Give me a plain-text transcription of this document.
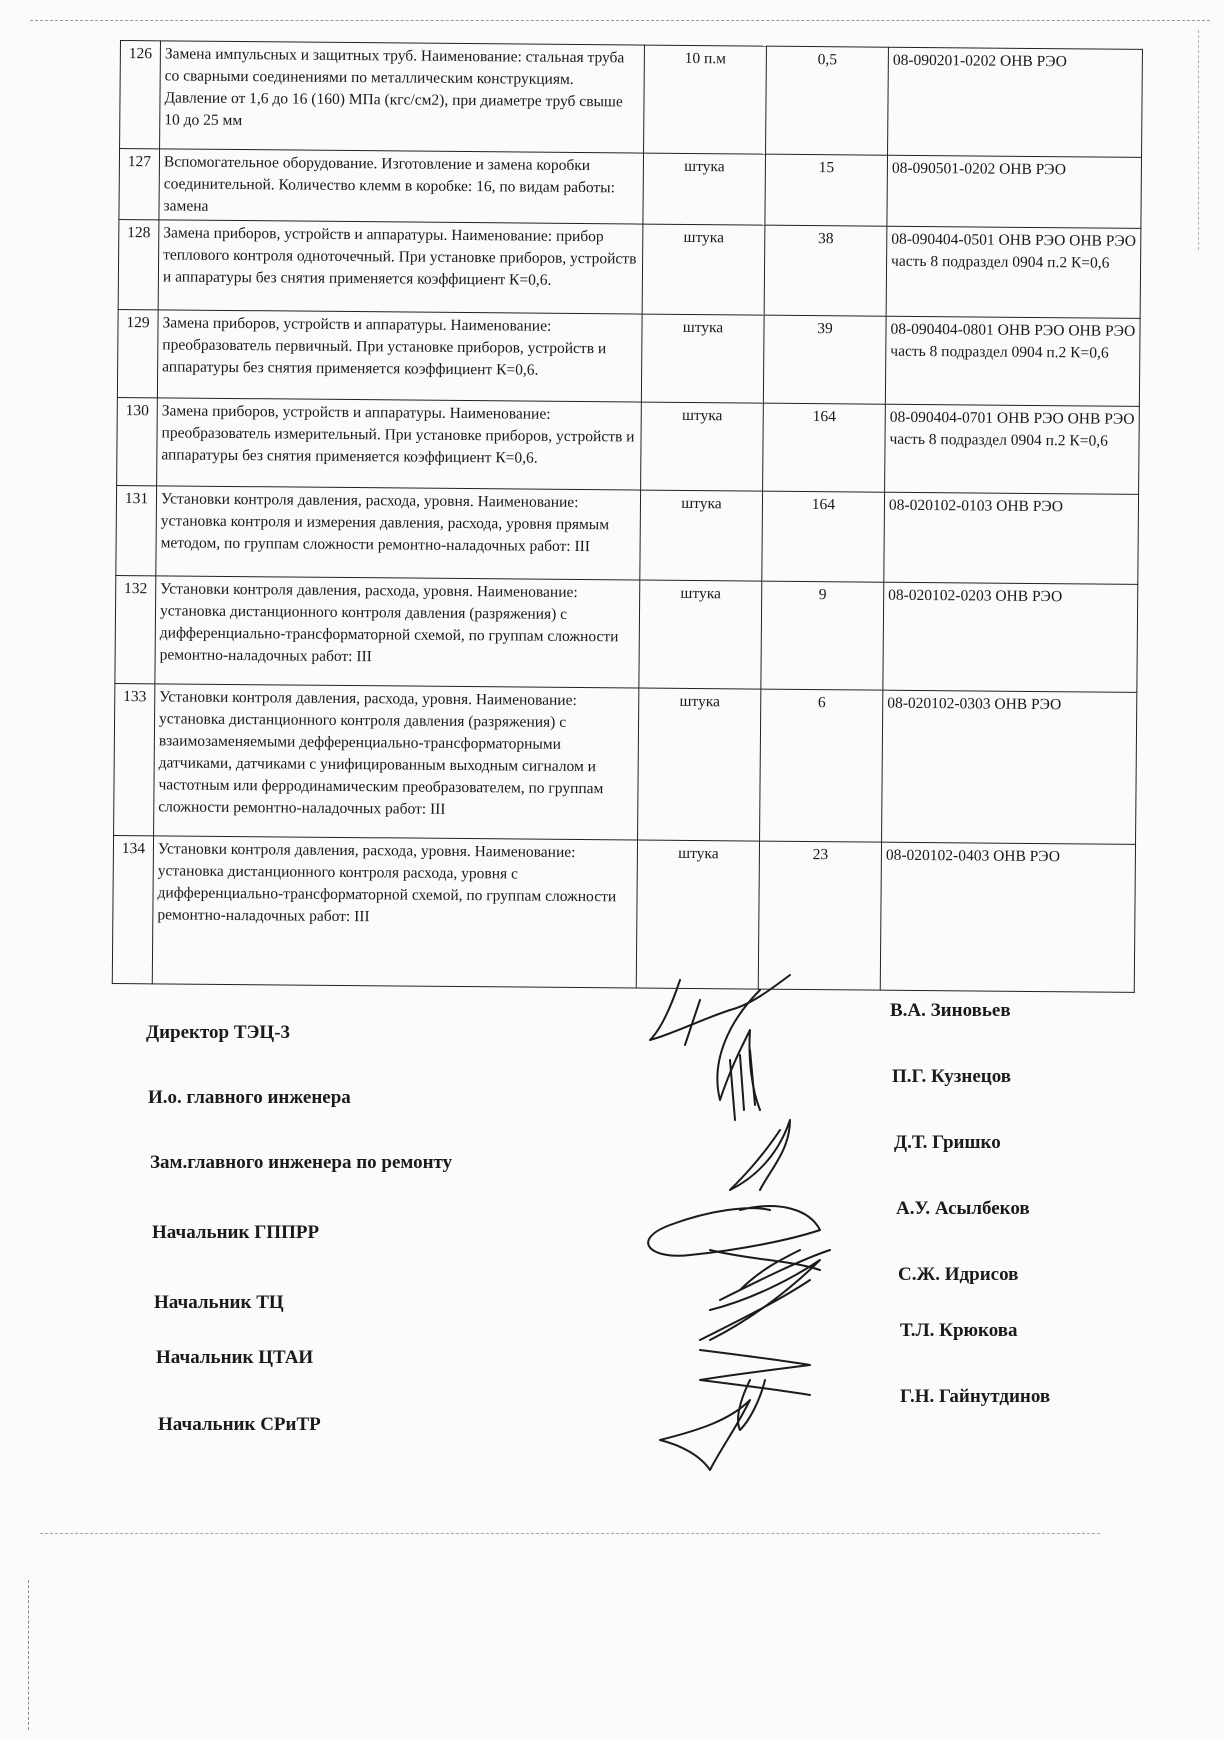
126	Замена импульсных и защитных труб. Наименование: стальная труба со сварными соединениями по металлическим конструкциям. Давление от 1,6 до 16 (160) МПа (кгс/см2), при диаметре труб свыше 10 до 25 мм	10 п.м	0,5	08-090201-0202 ОНВ РЭО
127	Вспомогательное оборудование. Изготовление и замена коробки соединительной. Количество клемм в коробке: 16, по видам работы: замена	штука	15	08-090501-0202 ОНВ РЭО
128	Замена приборов, устройств и аппаратуры. Наименование: прибор теплового контроля одноточечный. При установке приборов, устройств и аппаратуры без снятия применяется коэффициент К=0,6.	штука	38	08-090404-0501 ОНВ РЭО ОНВ РЭО часть 8 подраздел 0904 п.2 К=0,6
129	Замена приборов, устройств и аппаратуры. Наименование: преобразователь первичный. При установке приборов, устройств и аппаратуры без снятия применяется коэффициент К=0,6.	штука	39	08-090404-0801 ОНВ РЭО ОНВ РЭО часть 8 подраздел 0904 п.2 К=0,6
130	Замена приборов, устройств и аппаратуры. Наименование: преобразователь измерительный. При установке приборов, устройств и аппаратуры без снятия применяется коэффициент К=0,6.	штука	164	08-090404-0701 ОНВ РЭО ОНВ РЭО часть 8 подраздел 0904 п.2 К=0,6
131	Установки контроля давления, расхода, уровня. Наименование: установка контроля и измерения давления, расхода, уровня прямым методом, по группам сложности ремонтно-наладочных работ: III	штука	164	08-020102-0103 ОНВ РЭО
132	Установки контроля давления, расхода, уровня. Наименование: установка дистанционного контроля давления (разряжения) с дифференциально-трансформаторной схемой, по группам сложности ремонтно-наладочных работ: III	штука	9	08-020102-0203 ОНВ РЭО
133	Установки контроля давления, расхода, уровня. Наименование: установка дистанционного контроля давления (разряжения) с взаимозаменяемыми дефференциально-трансформаторными датчиками, датчиками с унифицированным выходным сигналом и частотным или ферродинамическим преобразователем, по группам сложности ремонтно-наладочных работ: III	штука	6	08-020102-0303 ОНВ РЭО
134	Установки контроля давления, расхода, уровня. Наименование: установка дистанционного контроля расхода, уровня с дифференциально-трансформаторной схемой, по группам сложности ремонтно-наладочных работ: III	штука	23	08-020102-0403 ОНВ РЭО
Директор ТЭЦ-3
И.о. главного инженера
Зам.главного инженера по ремонту
Начальник ГППРР
Начальник ТЦ
Начальник ЦТАИ
Начальник СРиТР
В.А. Зиновьев
П.Г. Кузнецов
Д.Т. Гришко
А.У. Асылбеков
С.Ж. Идрисов
Т.Л. Крюкова
Г.Н. Гайнутдинов
